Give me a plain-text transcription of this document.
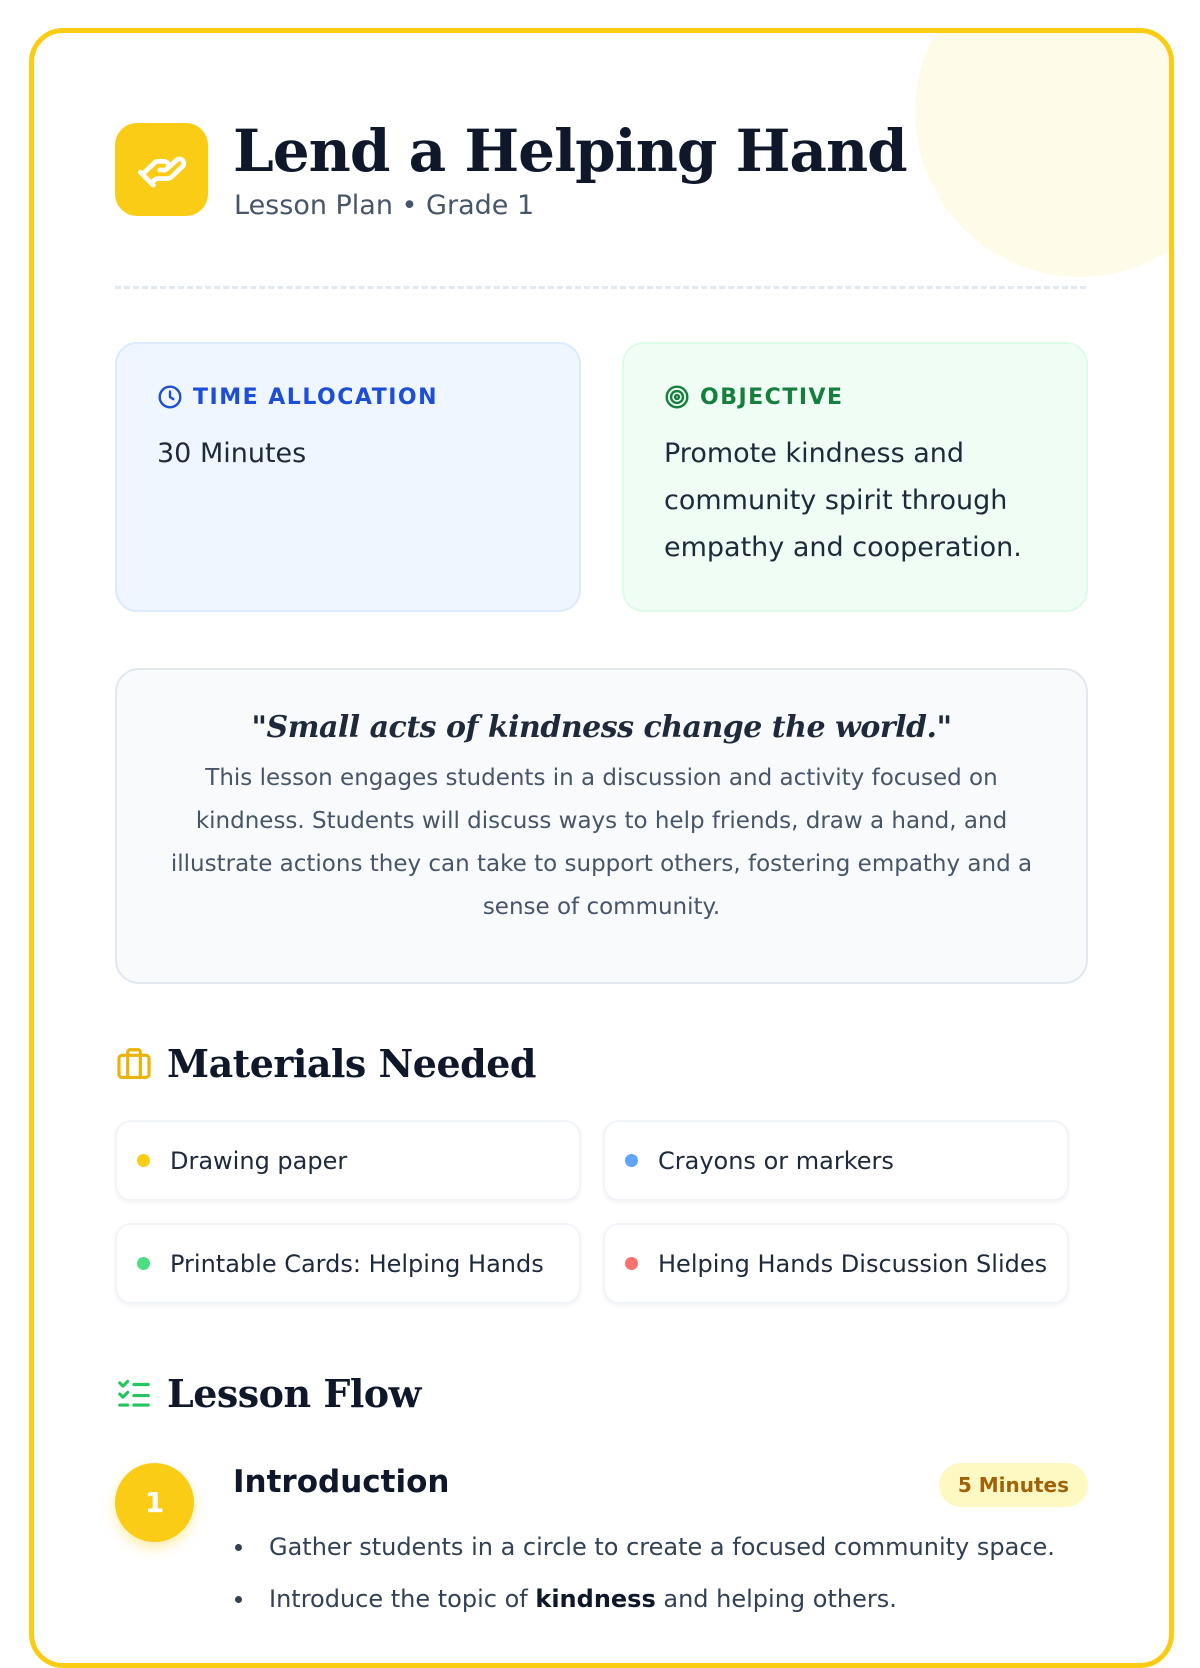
Lend a Helping Hand
Lesson Plan • Grade 1
TIME ALLOCATION
30 Minutes
OBJECTIVE
Promote kindness and community spirit through empathy and cooperation.
"Small acts of kindness change the world."
This lesson engages students in a discussion and activity focused on kindness. Students will discuss ways to help friends, draw a hand, and illustrate actions they can take to support others, fostering empathy and a sense of community.
Materials Needed
Drawing paper	Crayons or markers
Printable Cards: Helping Hands	Helping Hands Discussion Slides
Lesson Flow
1
Introduction	5 Minutes
Gather students in a circle to create a focused community space.
Introduce the topic of kindness and helping others.
